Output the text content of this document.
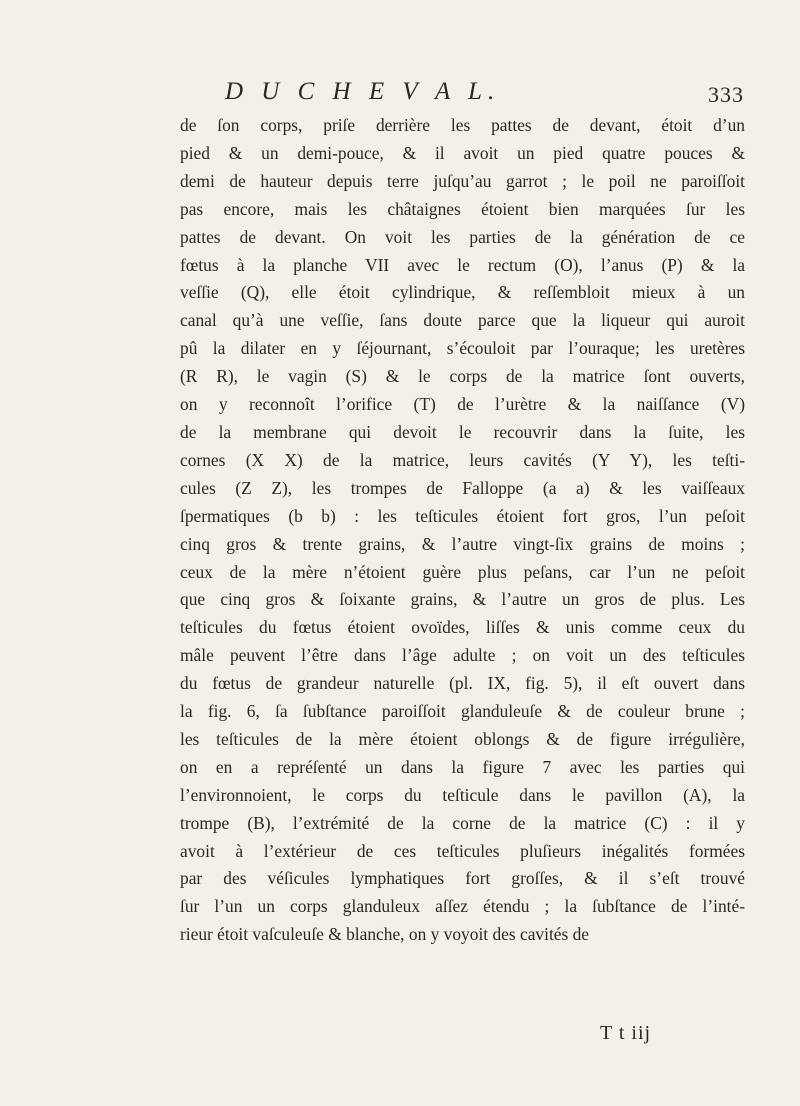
D U C H E V A L.	333
de ſon corps, priſe derrière les pattes de devant, étoit d’un
pied & un demi-pouce, & il avoit un pied quatre pouces &
demi de hauteur depuis terre juſqu’au garrot ; le poil ne paroiſſoit
pas encore, mais les châtaignes étoient bien marquées ſur les
pattes de devant. On voit les parties de la génération de ce
fœtus à la planche VII avec le rectum (O), l’anus (P) & la
veſſie (Q), elle étoit cylindrique, & reſſembloit mieux à un
canal qu’à une veſſie, ſans doute parce que la liqueur qui auroit
pû la dilater en y ſéjournant, s’écouloit par l’ouraque; les uretères
(R R), le vagin (S) & le corps de la matrice ſont ouverts,
on y reconnoît l’orifice (T) de l’urètre & la naiſſance (V)
de la membrane qui devoit le recouvrir dans la ſuite, les
cornes (X X) de la matrice, leurs cavités (Y Y), les teſti-
cules (Z Z), les trompes de Falloppe (a a) & les vaiſſeaux
ſpermatiques (b b) : les teſticules étoient fort gros, l’un peſoit
cinq gros & trente grains, & l’autre vingt-ſix grains de moins ;
ceux de la mère n’étoient guère plus peſans, car l’un ne peſoit
que cinq gros & ſoixante grains, & l’autre un gros de plus. Les
teſticules du fœtus étoient ovoïdes, liſſes & unis comme ceux du
mâle peuvent l’être dans l’âge adulte ; on voit un des teſticules
du fœtus de grandeur naturelle (pl. IX, fig. 5), il eſt ouvert dans
la fig. 6, ſa ſubſtance paroiſſoit glanduleuſe & de couleur brune ;
les teſticules de la mère étoient oblongs & de figure irrégulière,
on en a repréſenté un dans la figure 7 avec les parties qui
l’environnoient, le corps du teſticule dans le pavillon (A), la
trompe (B), l’extrémité de la corne de la matrice (C) : il y
avoit à l’extérieur de ces teſticules pluſieurs inégalités formées
par des véſicules lymphatiques fort groſſes, & il s’eſt trouvé
ſur l’un un corps glanduleux aſſez étendu ; la ſubſtance de l’inté-
rieur étoit vaſculeuſe & blanche, on y voyoit des cavités de
T t iij
